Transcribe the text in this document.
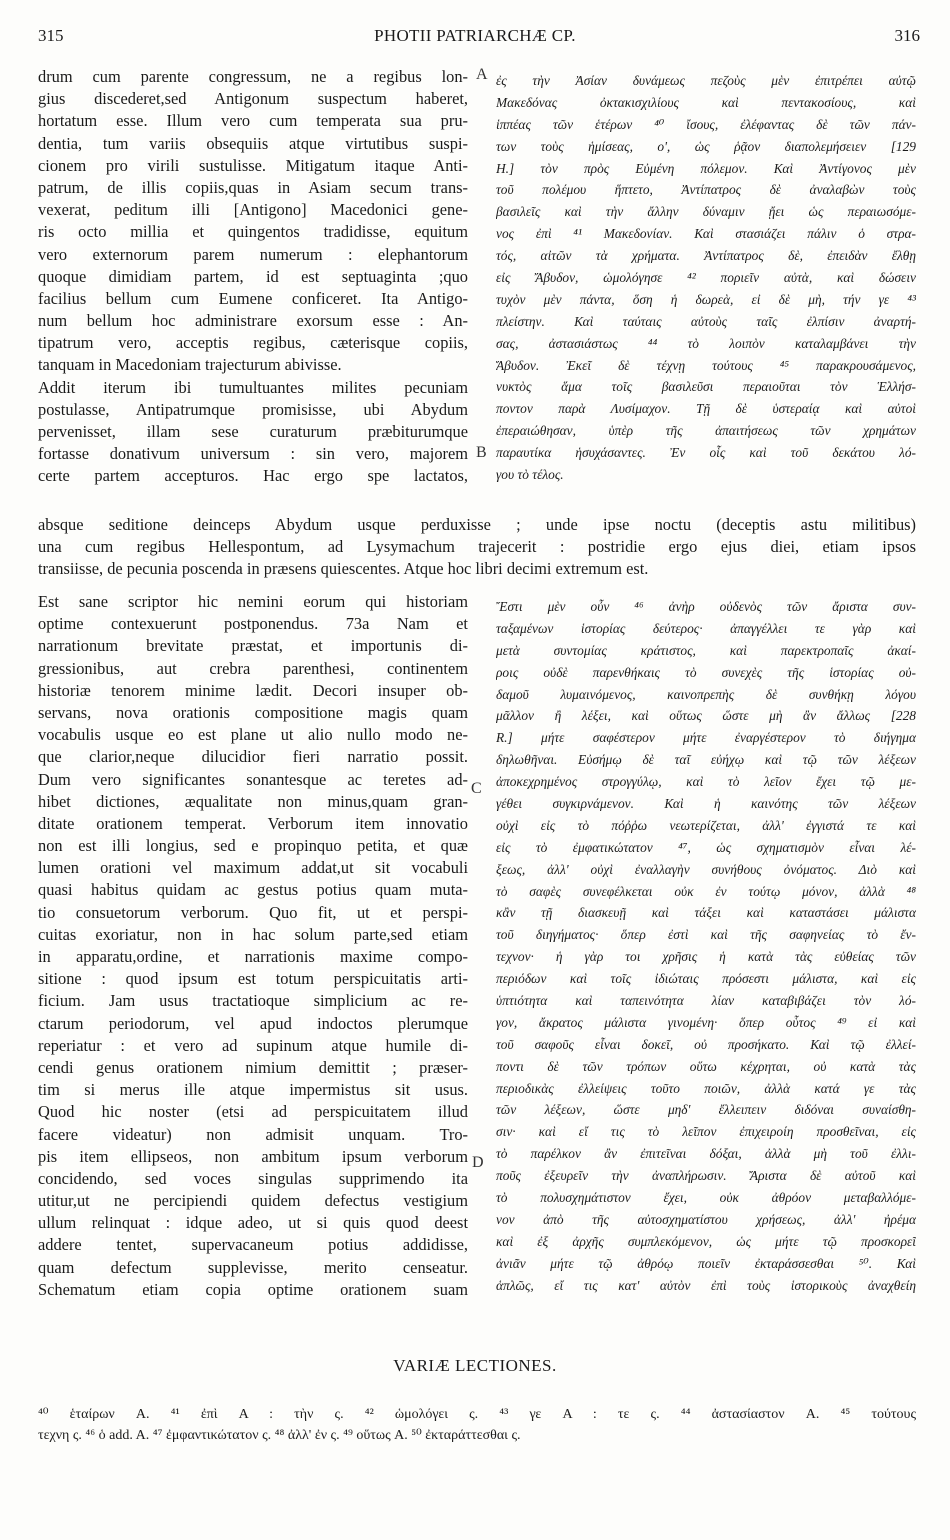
315	PHOTII PATRIARCHÆ CP.	316
A
B
C
D
drum cum parente congressum, ne a regibus lon-
gius discederet,sed Antigonum suspectum haberet,
hortatum esse. Illum vero cum temperata sua pru-
dentia, tum variis obsequiis atque virtutibus suspi-
cionem pro virili sustulisse. Mitigatum itaque Anti-
patrum, de illis copiis,quas in Asiam secum trans-
vexerat, peditum illi [Antigono] Macedonici gene-
ris octo millia et quingentos tradidisse, equitum
vero externorum parem numerum : elephantorum
quoque dimidiam partem, id est septuaginta ;quo
facilius bellum cum Eumene conficeret. Ita Antigo-
num bellum hoc administrare exorsum esse : An-
tipatrum vero, acceptis regibus, cæterisque copiis,
tanquam in Macedoniam trajecturum abivisse.
Addit iterum ibi tumultuantes milites pecuniam
postulasse, Antipatrumque promisisse, ubi Abydum
pervenisset, illam sese curaturum præbiturumque
fortasse donativum universum : sin vero, majorem
certe partem accepturos. Hac ergo spe lactatos,
ἐς τὴν Ἀσίαν δυνάμεως πεζοὺς μὲν ἐπιτρέπει αὐτῷ
Μακεδόνας ὀκτακισχιλίους καὶ πεντακοσίους, καὶ
ἱππέας τῶν ἑτέρων ⁴⁰ ἴσους, ἐλέφαντας δὲ τῶν πάν-
των τοὺς ἡμίσεας, ο', ὡς ῥᾷον διαπολεμήσειεν [129
Η.] τὸν πρὸς Εὐμένη πόλεμον. Καὶ Ἀντίγονος μὲν
τοῦ πολέμου ἥπτετο, Ἀντίπατρος δὲ ἀναλαβὼν τοὺς
βασιλεῖς καὶ τὴν ἄλλην δύναμιν ᾔει ὡς περαιωσόμε-
νος ἐπὶ ⁴¹ Μακεδονίαν. Καὶ στασιάζει πάλιν ὁ στρα-
τός, αἰτῶν τὰ χρήματα. Ἀντίπατρος δὲ, ἐπειδὰν ἔλθῃ
εἰς Ἄβυδον, ὡμολόγησε ⁴² ποριεῖν αὐτὰ, καὶ δώσειν
τυχὸν μὲν πάντα, ὅση ἡ δωρεὰ, εἰ δὲ μὴ, τήν γε ⁴³
πλείστην. Καὶ ταύταις αὐτοὺς ταῖς ἐλπίσιν ἀναρτή-
σας, ἀστασιάστως ⁴⁴ τὸ λοιπὸν καταλαμβάνει τὴν
Ἄβυδον. Ἐκεῖ δὲ τέχνῃ τούτους ⁴⁵ παρακρουσάμενος,
νυκτὸς ἅμα τοῖς βασιλεῦσι περαιοῦται τὸν Ἑλλήσ-
ποντον παρὰ Λυσίμαχον. Τῇ δὲ ὑστεραίᾳ καὶ αὐτοὶ
ἐπεραιώθησαν, ὑπὲρ τῆς ἀπαιτήσεως τῶν χρημάτων
παραυτίκα ἡσυχάσαντες. Ἐν οἷς καὶ τοῦ δεκάτου λό-
γου τὸ τέλος.
absque seditione deinceps Abydum usque perduxisse ; unde ipse noctu (deceptis astu militibus)
una cum regibus Hellespontum, ad Lysymachum trajecerit : postridie ergo ejus diei, etiam ipsos
transiisse, de pecunia poscenda in præsens quiescentes. Atque hoc libri decimi extremum est.
Est sane scriptor hic nemini eorum qui historiam
optime contexuerunt postponendus. 73a Nam et
narrationum brevitate præstat, et importunis di-
gressionibus, aut crebra parenthesi, continentem
historiæ tenorem minime lædit. Decori insuper ob-
servans, nova orationis compositione magis quam
vocabulis usque eo est plane ut alio nullo modo ne-
que clarior,neque dilucidior fieri narratio possit.
Dum vero significantes sonantesque ac teretes ad-
hibet dictiones, æqualitate non minus,quam gran-
ditate orationem temperat. Verborum item innovatio
non est illi longius, sed e propinquo petita, et quæ
lumen orationi vel maximum addat,ut sit vocabuli
quasi habitus quidam ac gestus potius quam muta-
tio consuetorum verborum. Quo fit, ut et perspi-
cuitas exoriatur, non in hac solum parte,sed etiam
in apparatu,ordine, et narrationis maxime compo-
sitione : quod ipsum est totum perspicuitatis arti-
ficium. Jam usus tractatioque simplicium ac re-
ctarum periodorum, vel apud indoctos plerumque
reperiatur : et vero ad supinum atque humile di-
cendi genus orationem nimium demittit ; præser-
tim si merus ille atque impermistus sit usus.
Quod hic noster (etsi ad perspicuitatem illud
facere videatur) non admisit unquam. Tro-
pis item ellipseos, non ambitum ipsum verborum
concidendo, sed voces singulas supprimendo ita
utitur,ut ne percipiendi quidem defectus vestigium
ullum relinquat : idque adeo, ut si quis quod deest
addere tentet, supervacaneum potius addidisse,
quam defectum supplevisse, merito censeatur.
Schematum etiam copia optime orationem suam
Ἔστι μὲν οὖν ⁴⁶ ἀνὴρ οὐδενὸς τῶν ἄριστα συν-
ταξαμένων ἱστορίας δεύτερος· ἀπαγγέλλει τε γὰρ καὶ
μετὰ συντομίας κράτιστος, καὶ παρεκτροπαῖς ἀκαί-
ροις οὐδὲ παρενθήκαις τὸ συνεχὲς τῆς ἱστορίας οὐ-
δαμοῦ λυμαινόμενος, καινοπρεπὴς δὲ συνθήκῃ λόγου
μᾶλλον ἢ λέξει, καὶ οὕτως ὥστε μὴ ἂν ἄλλως [228
R.] μήτε σαφέστερον μήτε ἐναργέστερον τὸ διήγημα
δηλωθῆναι. Εὐσήμῳ δὲ ταῖ εὐήχῳ καὶ τῷ τῶν λέξεων
ἀποκεχρημένος στρογγύλῳ, καὶ τὸ λεῖον ἔχει τῷ με-
γέθει συγκιρνάμενον. Καὶ ἡ καινότης τῶν λέξεων
οὐχὶ εἰς τὸ πόῤῥω νεωτερίζεται, ἀλλ' ἐγγιστά τε καὶ
εἰς τὸ ἐμφατικώτατον ⁴⁷, ὡς σχηματισμὸν εἶναι λέ-
ξεως, ἀλλ' οὐχὶ ἐναλλαγὴν συνήθους ὀνόματος. Διὸ καὶ
τὸ σαφὲς συνεφέλκεται οὐκ ἐν τούτῳ μόνον, ἀλλὰ ⁴⁸
κἂν τῇ διασκευῇ καὶ τάξει καὶ καταστάσει μάλιστα
τοῦ διηγήματος· ὅπερ ἐστὶ καὶ τῆς σαφηνείας τὸ ἔν-
τεχνον· ἡ γὰρ τοι χρῆσις ἡ κατὰ τὰς εὐθείας τῶν
περιόδων καὶ τοῖς ἰδιώταις πρόσεστι μάλιστα, καὶ εἰς
ὑπτιότητα καὶ ταπεινότητα λίαν καταβιβάζει τὸν λό-
γον, ἄκρατος μάλιστα γινομένη· ὅπερ οὗτος ⁴⁹ εἰ καὶ
τοῦ σαφοῦς εἶναι δοκεῖ, οὐ προσήκατο. Καὶ τῷ ἐλλεί-
ποντι δὲ τῶν τρόπων οὕτω κέχρηται, οὐ κατὰ τὰς
περιοδικὰς ἐλλείψεις τοῦτο ποιῶν, ἀλλὰ κατά γε τὰς
τῶν λέξεων, ὥστε μηδ' ἔλλειπειν διδόναι συναίσθη-
σιν· καὶ εἴ τις τὸ λεῖπον ἐπιχειροίη προσθεῖναι, εἰς
τὸ παρέλκον ἂν ἐπιτεῖναι δόξαι, ἀλλὰ μὴ τοῦ ἐλλι-
ποῦς ἐξευρεῖν τὴν ἀναπλήρωσιν. Ἄριστα δὲ αὐτοῦ καὶ
τὸ πολυσχημάτιστον ἔχει, οὐκ ἀθρόον μεταβαλλόμε-
νον ἀπὸ τῆς αὐτοσχηματίστου χρήσεως, ἀλλ' ἠρέμα
καὶ ἐξ ἀρχῆς συμπλεκόμενον, ὡς μήτε τῷ προσκορεῖ
ἀνιᾶν μήτε τῷ ἀθρόῳ ποιεῖν ἐκταράσσεσθαι ⁵⁰. Καὶ
ἁπλῶς, εἴ τις κατ' αὐτὸν ἐπὶ τοὺς ἱστορικοὺς ἀναχθείη
VARIÆ LECTIONES.
⁴⁰ ἑταίρων A. ⁴¹ ἐπὶ A : τὴν ς. ⁴² ὡμολόγει ς. ⁴³ γε A : τε ς. ⁴⁴ ἀστασίαστον A. ⁴⁵ τούτους
τεχνη ς. ⁴⁶ ὁ add. A. ⁴⁷ ἐμφαντικώτατον ς. ⁴⁸ ἀλλ' ἐν ς. ⁴⁹ οὕτως A. ⁵⁰ ἐκταράττεσθαι ς.
